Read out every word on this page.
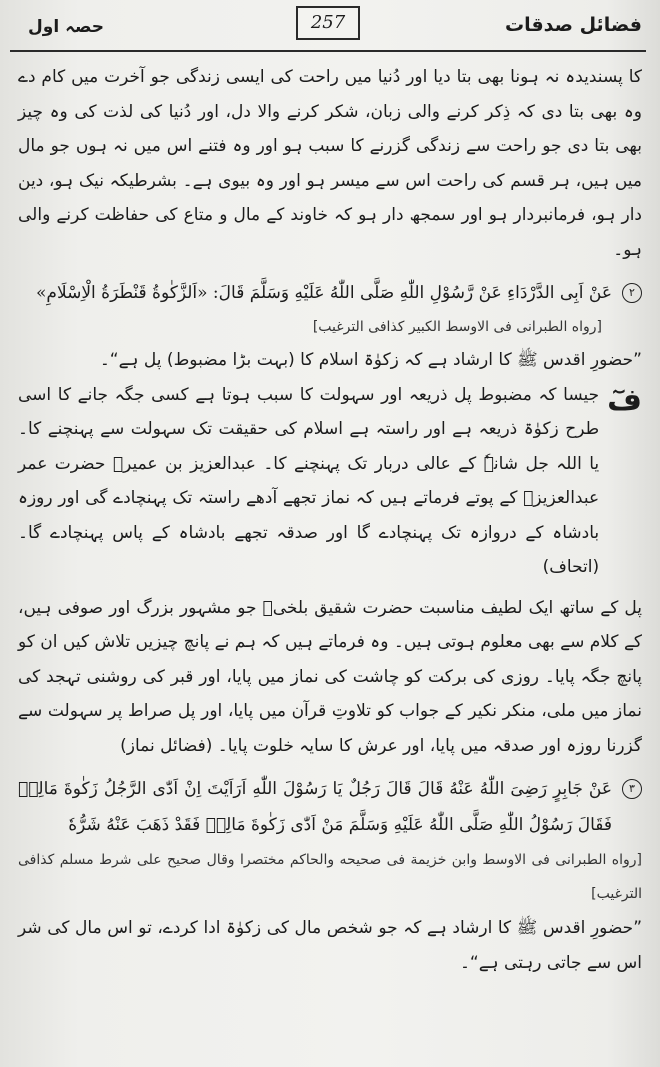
حصہ اول	257	فضائل صدقات

کا پسندیدہ نہ ہونا بھی بتا دیا اور دُنیا میں راحت کی ایسی زندگی جو آخرت میں کام دے وہ بھی بتا دی کہ ذِکر کرنے والی زبان، شکر کرنے والا دل، اور دُنیا کی لذت کی وہ چیز بھی بتا دی جو راحت سے زندگی گزرنے کا سبب ہو اور وہ فتنے اس میں نہ ہوں جو مال میں ہیں، ہر قسم کی راحت اس سے میسر ہو اور وہ بیوی ہے۔ بشرطیکہ نیک ہو، دین دار ہو، فرمانبردار ہو اور سمجھ دار ہو کہ خاوند کے مال و متاع کی حفاظت کرنے والی ہو۔

۲
عَنْ اَبِی الدَّرْدَاءِ عَنْ رَّسُوْلِ اللّٰهِ صَلَّی اللّٰهُ عَلَیْهِ وَسَلَّمَ قَالَ: «اَلزَّكٰوةُ قَنْطَرَةُ الْاِسْلَامِ»
[رواه الطبرانی فی الاوسط الكبير كذافی الترغيب]

”حضورِ اقدس ﷺ کا ارشاد ہے کہ زکوٰۃ اسلام کا (بہت بڑا مضبوط) پل ہے“۔

فٓ

جیسا کہ مضبوط پل ذریعہ اور سہولت کا سبب ہوتا ہے کسی جگہ جانے کا اسی طرح زکوٰۃ ذریعہ ہے اور راستہ ہے اسلام کی حقیقت تک سہولت سے پہنچنے کا۔ یا اللہ جل شانہٗ کے عالی دربار تک پہنچنے کا۔ عبدالعزیز بن عمیرؒ حضرت عمر عبدالعزیزؒ کے پوتے فرماتے ہیں کہ نماز تجھے آدھے راستہ تک پہنچادے گی اور روزہ بادشاہ کے دروازہ تک پہنچادے گا اور صدقہ تجھے بادشاہ کے پاس پہنچادے گا۔ (اتحاف)

پل کے ساتھ ایک لطیف مناسبت حضرت شقیق بلخیؒ جو مشہور بزرگ اور صوفی ہیں، کے کلام سے بھی معلوم ہوتی ہیں۔ وہ فرماتے ہیں کہ ہم نے پانچ چیزیں تلاش کیں ان کو پانچ جگہ پایا۔ روزی کی برکت کو چاشت کی نماز میں پایا، اور قبر کی روشنی تہجد کی نماز میں ملی، منکر نکیر کے جواب کو تلاوتِ قرآن میں پایا، اور پل صراط پر سہولت سے گزرنا روزہ اور صدقہ میں پایا، اور عرش کا سایہ خلوت پایا۔ (فضائل نماز)

۳
عَنْ جَابِرٍ رَضِیَ اللّٰهُ عَنْهُ قَالَ قَالَ رَجُلٌ یَا رَسُوْلَ اللّٰهِ اَرَاَیْتَ اِنْ اَدّٰی الرَّجُلُ زَكٰوةَ مَالِهٖ فَقَالَ رَسُوْلُ اللّٰهِ صَلَّی اللّٰهُ عَلَیْهِ وَسَلَّمَ مَنْ اَدّٰی زَكٰوةَ مَالِهٖ فَقَدْ ذَهَبَ عَنْهُ شَرُّهٗ
[رواه الطبرانی فی الاوسط وابن خزیمة فی صحیحه والحاكم مختصرا وقال صحیح علی شرط مسلم كذافی الترغیب]

”حضورِ اقدس ﷺ کا ارشاد ہے کہ جو شخص مال کی زکوٰۃ ادا کردے، تو اس مال کی شر اس سے جاتی رہتی ہے“۔
